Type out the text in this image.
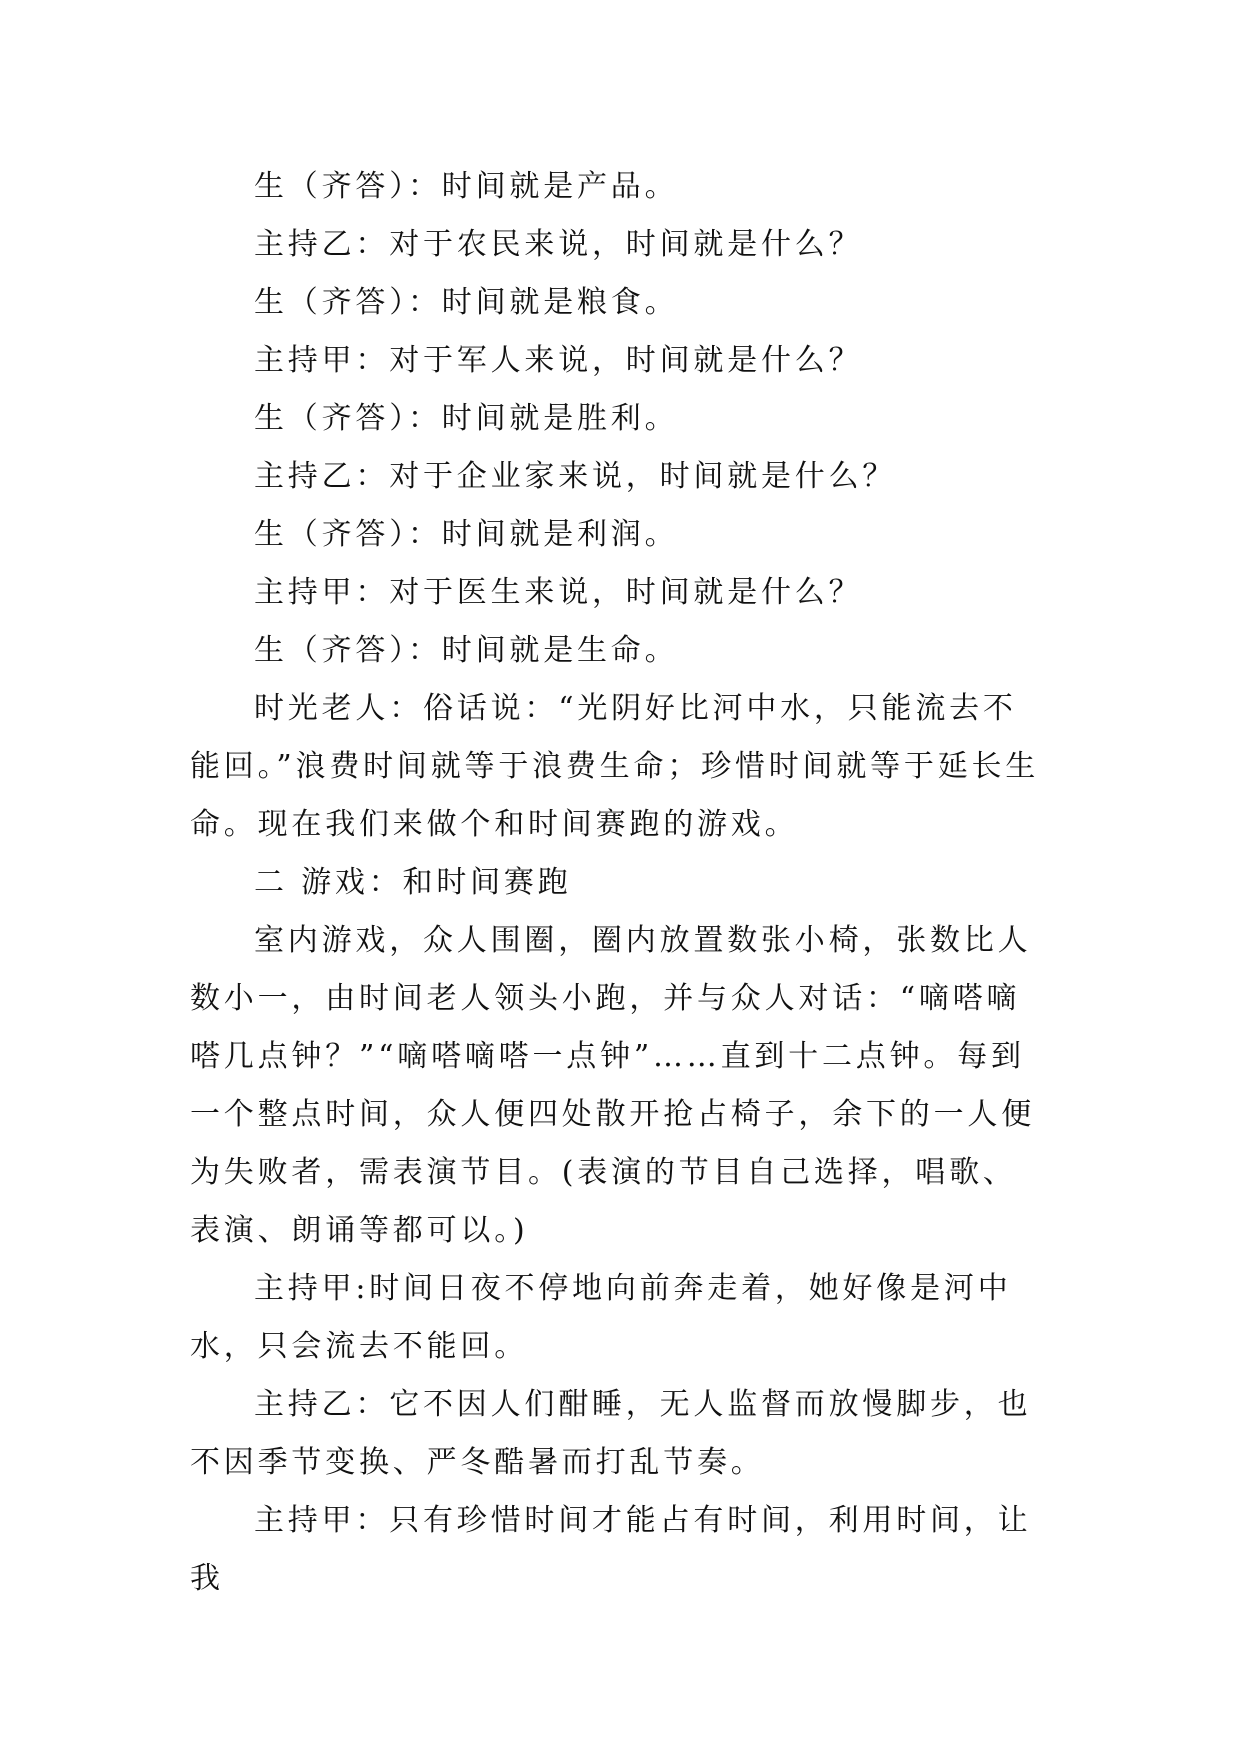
生（齐答）：时间就是产品。

主持乙：对于农民来说，时间就是什么？

生（齐答）：时间就是粮食。

主持甲：对于军人来说，时间就是什么？

生（齐答）：时间就是胜利。

主持乙：对于企业家来说，时间就是什么？

生（齐答）：时间就是利润。

主持甲：对于医生来说，时间就是什么？

生（齐答）：时间就是生命。

时光老人：俗话说：“光阴好比河中水，只能流去不能回。”浪费时间就等于浪费生命；珍惜时间就等于延长生命。现在我们来做个和时间赛跑的游戏。

二 游戏：和时间赛跑

室内游戏，众人围圈，圈内放置数张小椅，张数比人数小一，由时间老人领头小跑，并与众人对话：“嘀嗒嘀嗒几点钟？”“嘀嗒嘀嗒一点钟”……直到十二点钟。每到一个整点时间，众人便四处散开抢占椅子，余下的一人便为失败者，需表演节目。(表演的节目自己选择，唱歌、表演、朗诵等都可以。)

主持甲:时间日夜不停地向前奔走着，她好像是河中水，只会流去不能回。

主持乙：它不因人们酣睡，无人监督而放慢脚步，也不因季节变换、严冬酷暑而打乱节奏。

主持甲：只有珍惜时间才能占有时间，利用时间，让我
